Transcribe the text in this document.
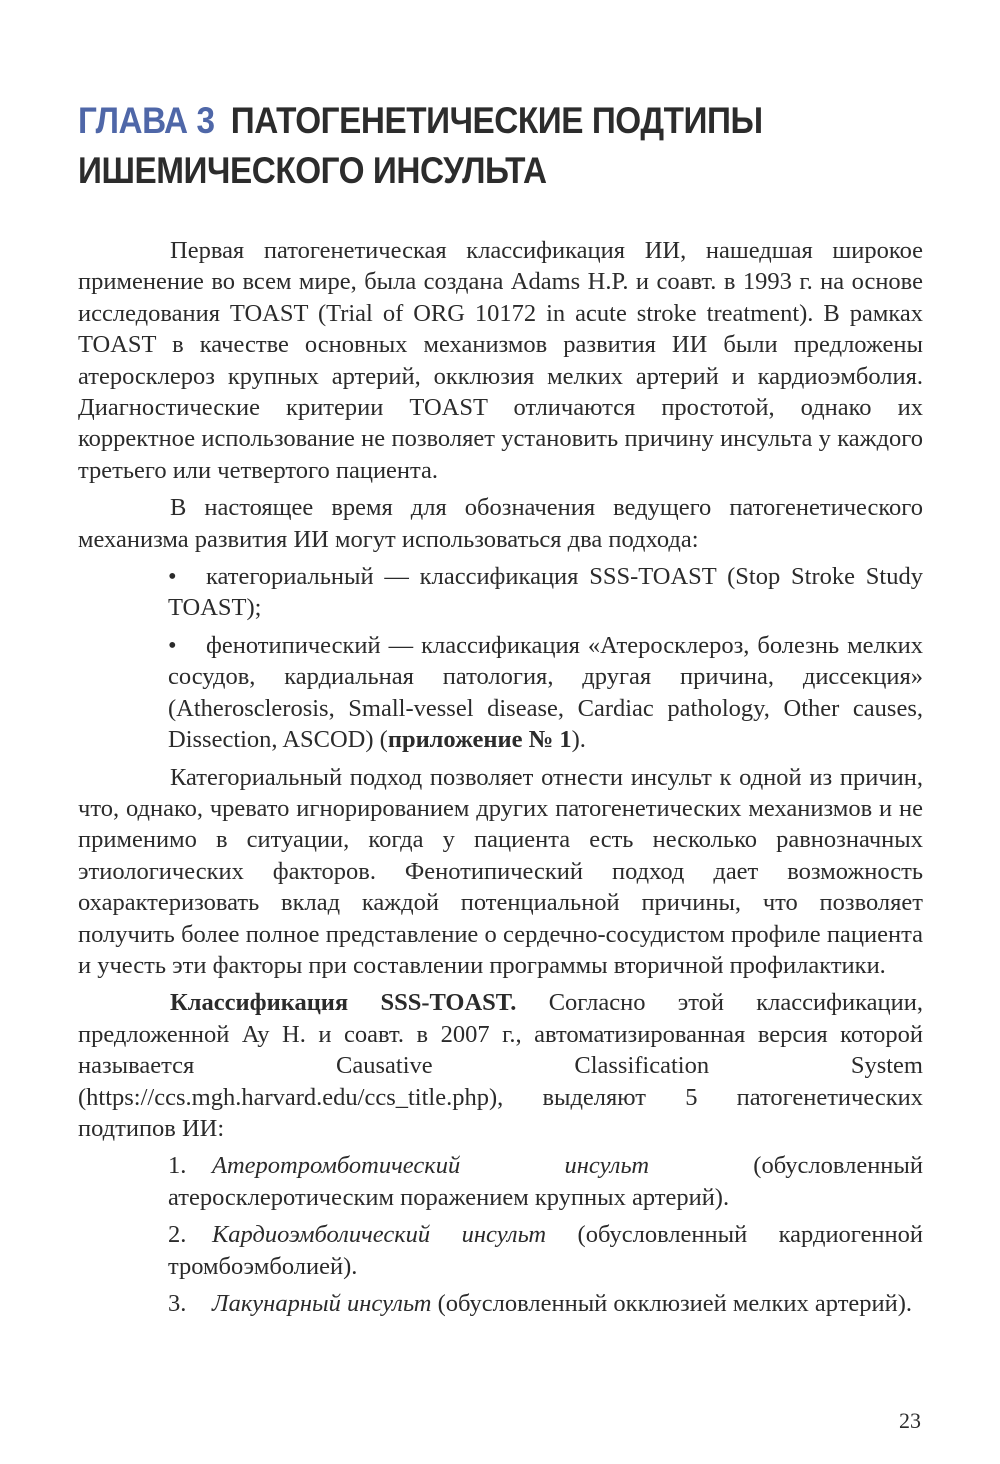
ГЛАВА 3 ПАТОГЕНЕТИЧЕСКИЕ ПОДТИПЫ
ИШЕМИЧЕСКОГО ИНСУЛЬТА

Первая патогенетическая классификация ИИ, нашедшая широкое применение во всем мире, была создана Adams H.P. и соавт. в 1993 г. на основе исследования TOAST (Trial of ORG 10172 in acute stroke treatment). В рамках TOAST в качестве основных механизмов развития ИИ были предложены атеросклероз крупных артерий, окклюзия мелких артерий и кардиоэмболия. Диагностические критерии TOAST отличаются простотой, однако их корректное использование не позволяет установить причину инсульта у каждого третьего или четвертого пациента.

В настоящее время для обозначения ведущего патогенетического механизма развития ИИ могут использоваться два подхода:

• категориальный — классификация SSS-TOAST (Stop Stroke Study TOAST);
• фенотипический — классификация «Атеросклероз, болезнь мелких сосудов, кардиальная патология, другая причина, диссекция» (Atherosclerosis, Small-vessel disease, Cardiac pathology, Other causes, Dissection, ASCOD) (приложение № 1).

Категориальный подход позволяет отнести инсульт к одной из причин, что, однако, чревато игнорированием других патогенетических механизмов и не применимо в ситуации, когда у пациента есть несколько равнозначных этиологических факторов. Фенотипический подход дает возможность охарактеризовать вклад каждой потенциальной причины, что позволяет получить более полное представление о сердечно-сосудистом профиле пациента и учесть эти факторы при составлении программы вторичной профилактики.

Классификация SSS-TOAST. Согласно этой классификации, предложенной Ay H. и соавт. в 2007 г., автоматизированная версия которой называется Causative Classification System (https://ccs.mgh.harvard.edu/ccs_title.php), выделяют 5 патогенетических подтипов ИИ:

1. Атеротромботический инсульт (обусловленный атеросклеротическим поражением крупных артерий).
2. Кардиоэмболический инсульт (обусловленный кардиогенной тромбоэмболией).
3. Лакунарный инсульт (обусловленный окклюзией мелких артерий).
23
